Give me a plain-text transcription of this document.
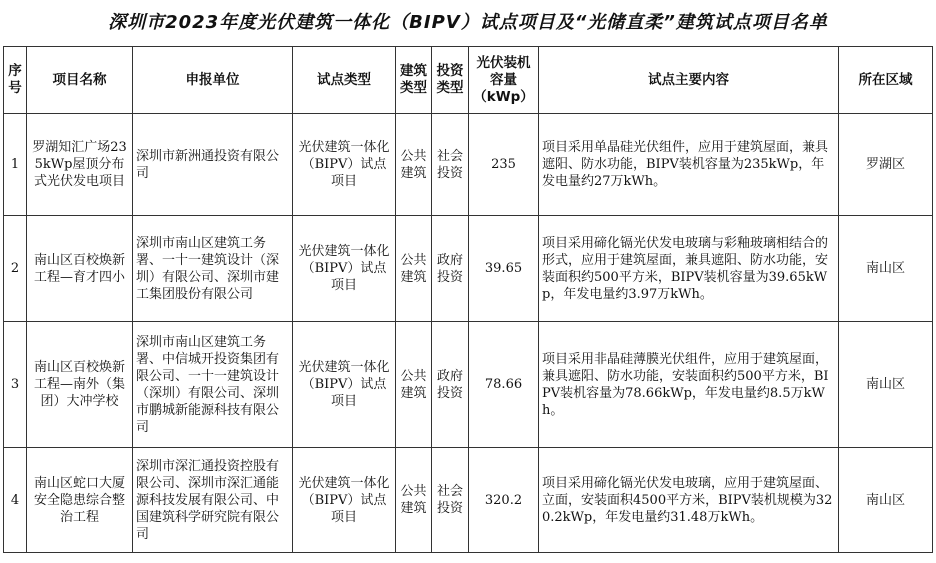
深圳市2023年度光伏建筑一体化（BIPV）试点项目及“光储直柔”建筑试点项目名单
序号	项目名称	申报单位	试点类型	建筑类型	投资类型	光伏装机容量（kWp）	试点主要内容	所在区域
1	罗湖知汇广场235kWp屋顶分布式光伏发电项目	深圳市新洲通投资有限公司	光伏建筑一体化（BIPV）试点项目	公共建筑	社会投资	235	项目采用单晶硅光伏组件，应用于建筑屋面，兼具遮阳、防水功能，BIPV装机容量为235kWp，年发电量约27万kWh。	罗湖区
2	南山区百校焕新工程—育才四小	深圳市南山区建筑工务署、一十一建筑设计（深圳）有限公司、深圳市建工集团股份有限公司	光伏建筑一体化（BIPV）试点项目	公共建筑	政府投资	39.65	项目采用碲化镉光伏发电玻璃与彩釉玻璃相结合的形式，应用于建筑屋面，兼具遮阳、防水功能，安装面积约500平方米，BIPV装机容量为39.65kWp，年发电量约3.97万kWh。	南山区
3	南山区百校焕新工程—南外（集团）大冲学校	深圳市南山区建筑工务署、中信城开投资集团有限公司、一十一建筑设计（深圳）有限公司、深圳市鹏城新能源科技有限公司	光伏建筑一体化（BIPV）试点项目	公共建筑	政府投资	78.66	项目采用非晶硅薄膜光伏组件，应用于建筑屋面，兼具遮阳、防水功能，安装面积约500平方米，BIPV装机容量为78.66kWp，年发电量约8.5万kWh。	南山区
4	南山区蛇口大厦安全隐患综合整治工程	深圳市深汇通投资控股有限公司、深圳市深汇通能源科技发展有限公司、中国建筑科学研究院有限公司	光伏建筑一体化（BIPV）试点项目	公共建筑	社会投资	320.2	项目采用碲化镉光伏发电玻璃，应用于建筑屋面、立面，安装面积4500平方米，BIPV装机规模为320.2kWp，年发电量约31.48万kWh。	南山区
